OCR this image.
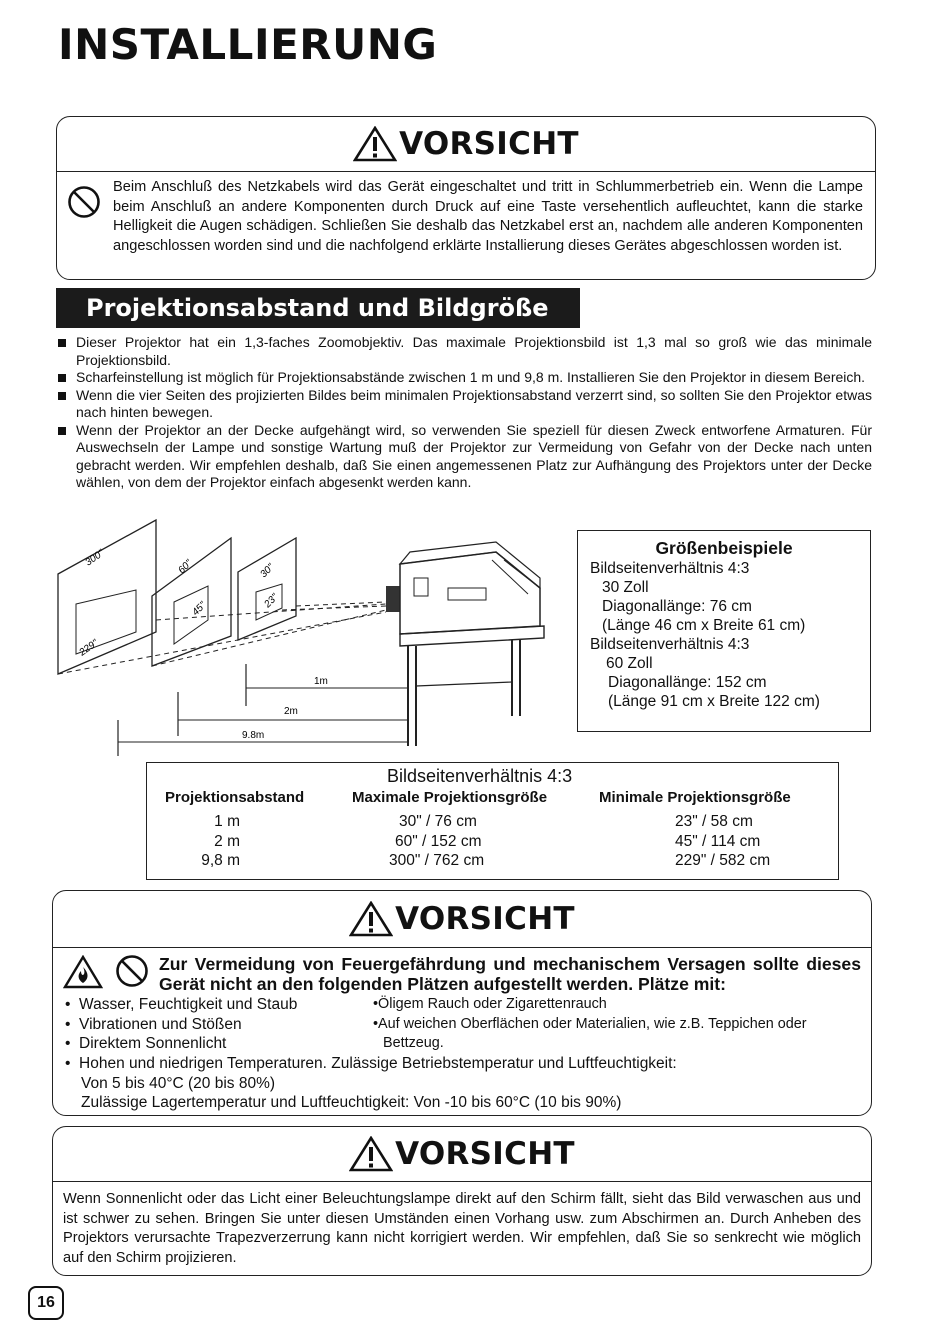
INSTALLIERUNG
VORSICHT
Beim Anschluß des Netzkabels wird das Gerät eingeschaltet und tritt in Schlummerbetrieb ein. Wenn die Lampe beim Anschluß an andere Komponenten durch Druck auf eine Taste versehentlich aufleuchtet, kann die starke Helligkeit die Augen schädigen. Schließen Sie deshalb das Netzkabel erst an, nachdem alle anderen Komponenten angeschlossen worden sind und die nachfolgend erklärte Installierung dieses Gerätes abgeschlossen worden ist.
Projektionsabstand und Bildgröße
Dieser Projektor hat ein 1,3-faches Zoomobjektiv. Das maximale Projektionsbild ist 1,3 mal so groß wie das minimale Projektionsbild.
Scharfeinstellung ist möglich für Projektionsabstände zwischen 1 m und 9,8 m. Installieren Sie den Projektor in diesem Bereich.
Wenn die vier Seiten des projizierten Bildes beim minimalen Projektionsabstand verzerrt sind, so sollten Sie den Projektor etwas nach hinten bewegen.
Wenn der Projektor an der Decke aufgehängt wird, so verwenden Sie speziell für diesen Zweck entworfene Armaturen. Für Auswechseln der Lampe und sonstige Wartung muß der Projektor zur Vermeidung von Gefahr von der Decke nach unten gebracht werden. Wir empfehlen deshalb, daß Sie einen angemessenen Platz zur Aufhängung des Projektors unter der Decke wählen, von dem der Projektor einfach abgesenkt werden kann.
300"	60"	30"
45"	23"
229"
1m
2m
9.8m
Größenbeispiele
Bildseitenverhältnis 4:3
30 Zoll
Diagonallänge: 76 cm
(Länge 46 cm x Breite 61 cm)
Bildseitenverhältnis 4:3
60 Zoll
Diagonallänge: 152 cm
(Länge 91 cm x Breite 122 cm)
Bildseitenverhältnis 4:3
Projektionsabstand	Maximale Projektionsgröße	Minimale Projektionsgröße
1 m	30" / 76 cm	23" / 58 cm
2 m	60" / 152 cm	45" / 114 cm
9,8 m	300" / 762 cm	229" / 582 cm
VORSICHT
Zur Vermeidung von Feuergefährdung und mechanischem Versagen sollte dieses Gerät nicht an den folgenden Plätzen aufgestellt werden. Plätze mit:
•  Wasser, Feuchtigkeit und Staub
•  Vibrationen und Stößen
•  Direktem Sonnenlicht
•Öligem Rauch oder Zigarettenrauch
•Auf weichen Oberflächen oder Materialien, wie z.B. Teppichen oder Bettzeug.
•  Hohen und niedrigen Temperaturen. Zulässige Betriebstemperatur und Luftfeuchtigkeit:
Von 5 bis 40°C (20 bis 80%)
Zulässige Lagertemperatur und Luftfeuchtigkeit: Von -10 bis 60°C (10 bis 90%)
VORSICHT
Wenn Sonnenlicht oder das Licht einer Beleuchtungslampe direkt auf den Schirm fällt, sieht das Bild verwaschen aus und ist schwer zu sehen. Bringen Sie unter diesen Umständen einen Vorhang usw. zum Abschirmen an. Durch Anheben des Projektors verursachte Trapezverzerrung kann nicht korrigiert werden. Wir empfehlen, daß Sie so senkrecht wie möglich auf den Schirm projizieren.
16
